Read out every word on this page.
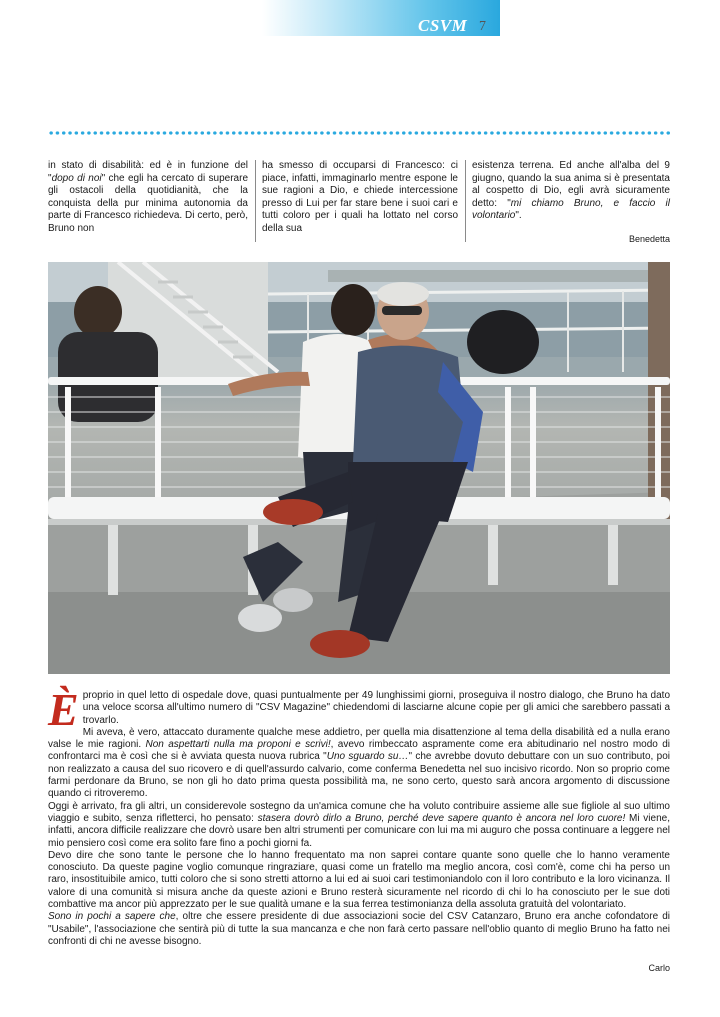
CSVM 7
in stato di disabilità: ed è in funzione del "dopo di noi" che egli ha cercato di superare gli ostacoli della quotidianità, che la conquista della pur minima autonomia da parte di Francesco richiedeva. Di certo, però, Bruno non
ha smesso di occuparsi di Francesco: ci piace, infatti, immaginarlo mentre espone le sue ragioni a Dio, e chiede intercessione presso di Lui per far stare bene i suoi cari e tutti coloro per i quali ha lottato nel corso della sua
esistenza terrena. Ed anche all'alba del 9 giugno, quando la sua anima si è presentata al cospetto di Dio, egli avrà sicuramente detto: "mi chiamo Bruno, e faccio il volontario".
Benedetta

È proprio in quel letto di ospedale dove, quasi puntualmente per 49 lunghissimi giorni, proseguiva il nostro dialogo, che Bruno ha dato una veloce scorsa all'ultimo numero di "CSV Magazine" chiedendomi di lasciarne alcune copie per gli amici che sarebbero passati a trovarlo.

Mi aveva, è vero, attaccato duramente qualche mese addietro, per quella mia disattenzione al tema della disabilità ed a nulla erano valse le mie ragioni. Non aspettarti nulla ma proponi e scrivi!, avevo rimbeccato aspramente come era abitudinario nel nostro modo di confrontarci ma è così che si è avviata questa nuova rubrica "Uno sguardo su…" che avrebbe dovuto debuttare con un suo contributo, poi non realizzato a causa del suo ricovero e di quell'assurdo calvario, come conferma Benedetta nel suo incisivo ricordo. Non so proprio come farmi perdonare da Bruno, se non gli ho dato prima questa possibilità ma, ne sono certo, questo sarà ancora argomento di discussione quando ci ritroveremo.

Oggi è arrivato, fra gli altri, un considerevole sostegno da un'amica comune che ha voluto contribuire assieme alle sue figliole al suo ultimo viaggio e subito, senza rifletterci, ho pensato: stasera dovrò dirlo a Bruno, perché deve sapere quanto è ancora nel loro cuore! Mi viene, infatti, ancora difficile realizzare che dovrò usare ben altri strumenti per comunicare con lui ma mi auguro che possa continuare a leggere nel mio pensiero così come era solito fare fino a pochi giorni fa.

Devo dire che sono tante le persone che lo hanno frequentato ma non saprei contare quante sono quelle che lo hanno veramente conosciuto. Da queste pagine voglio comunque ringraziare, quasi come un fratello ma meglio ancora, così com'è, come chi ha perso un raro, insostituibile amico, tutti coloro che si sono stretti attorno a lui ed ai suoi cari testimoniandolo con il loro contributo e la loro vicinanza. Il valore di una comunità si misura anche da queste azioni e Bruno resterà sicuramente nel ricordo di chi lo ha conosciuto per le sue doti combattive ma ancor più apprezzato per le sue qualità umane e la sua ferrea testimonianza della assoluta gratuità del volontariato.

Sono in pochi a sapere che, oltre che essere presidente di due associazioni socie del CSV Catanzaro, Bruno era anche cofondatore di "Usabile", l'associazione che sentirà più di tutte la sua mancanza e che non farà certo passare nell'oblio quanto di meglio Bruno ha fatto nei confronti di chi ne avesse bisogno.

Carlo
